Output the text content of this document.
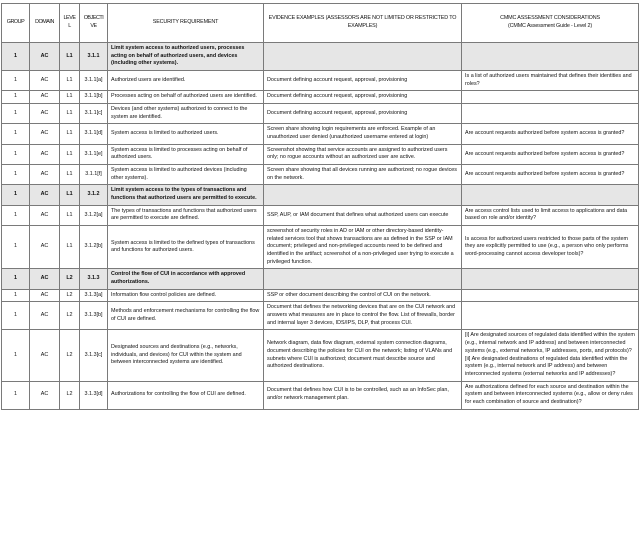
GROUP	DOMAIN	LEVEL	OBJECTIVE	SECURITY REQUIREMENT	EVIDENCE EXAMPLES (ASSESSORS ARE NOT LIMITED OR RESTRICTED TO EXAMPLES)	CMMC ASSESSMENT CONSIDERATIONS
(CMMC Assessment Guide - Level 2)
1	AC	L1	3.1.1	Limit system access to authorized users, processes acting on behalf of authorized users, and devices (including other systems).		
1	AC	L1	3.1.1[a]	Authorized users are identified.	Document defining account request, approval, provisioning	Is a list of authorized users maintained that defines their identities and roles?
1	AC	L1	3.1.1[b]	Processes acting on behalf of authorized users are identified.	Document defining account request, approval, provisioning	
1	AC	L1	3.1.1[c]	Devices (and other systems) authorized to connect to the system are identified.	Document defining account request, approval, provisioning	
1	AC	L1	3.1.1[d]	System access is limited to authorized users.	Screen share showing login requirements are enforced. Example of an unauthorized user denied (unauthorized username entered at login)	Are account requests authorized before system access is granted?
1	AC	L1	3.1.1[e]	System access is limited to processes acting on behalf of authorized users.	Screenshot showing that service accounts are assigned to authorized users only; no rogue accounts without an authorized user are active.	Are account requests authorized before system access is granted?
1	AC	L1	3.1.1[f]	System access is limited to authorized devices (including other systems).	Screen share showing that all devices running are authorized; no rogue devices on the network.	Are account requests authorized before system access is granted?
1	AC	L1	3.1.2	Limit system access to the types of transactions and functions that authorized users are permitted to execute.		
1	AC	L1	3.1.2[a]	The types of transactions and functions that authorized users are permitted to execute are defined.	SSP, AUP, or IAM document that defines what authorized users can execute	Are access control lists used to limit access to applications and data based on role and/or identity?
1	AC	L1	3.1.2[b]	System access is limited to the defined types of transactions and functions for authorized users.	screenshot of security roles in AD or IAM or other directory-based identity-related services tool that shows transactions are as defined in the SSP or IAM document; privileged and non-privileged accounts need to be defined and identified in the artifact; screenshot of a non-privileged user trying to execute a privileged function.	Is access for authorized users restricted to those parts of the system they are explicitly permitted to use (e.g., a person who only performs word-processing cannot access developer tools)?
1	AC	L2	3.1.3	Control the flow of CUI in accordance with approved authorizations.		
1	AC	L2	3.1.3[a]	Information flow control policies are defined.	SSP or other document describing the control of CUI on the network.	
1	AC	L2	3.1.3[b]	Methods and enforcement mechanisms for controlling the flow of CUI are defined.	Document that defines the networking devices that are on the CUI network and answers what measures are in place to control the flow. List of firewalls, border and internal layer 3 devices, IDS/IPS, DLP, that process CUI.	
1	AC	L2	3.1.3[c]	Designated sources and destinations (e.g., networks, individuals, and devices) for CUI within the system and between interconnected systems are identified.	Network diagram, data flow diagram, external system connection diagrams, document describing the policies for CUI on the network; listing of VLANs and subnets where CUI is authorized; document must describe source and authorized destinations.	[i] Are designated sources of regulated data identified within the system (e.g., internal network and IP address) and between interconnected systems (e.g., external networks, IP addresses, ports, and protocols)?
[ii] Are designated destinations of regulated data identified within the system (e.g., internal network and IP address) and between interconnected systems (external networks and IP addresses)?
1	AC	L2	3.1.3[d]	Authorizations for controlling the flow of CUI are defined.	Document that defines how CUI is to be controlled, such as an InfoSec plan, and/or network management plan.	Are authorizations defined for each source and destination within the system and between interconnected systems (e.g., allow or deny rules for each combination of source and destination)?
